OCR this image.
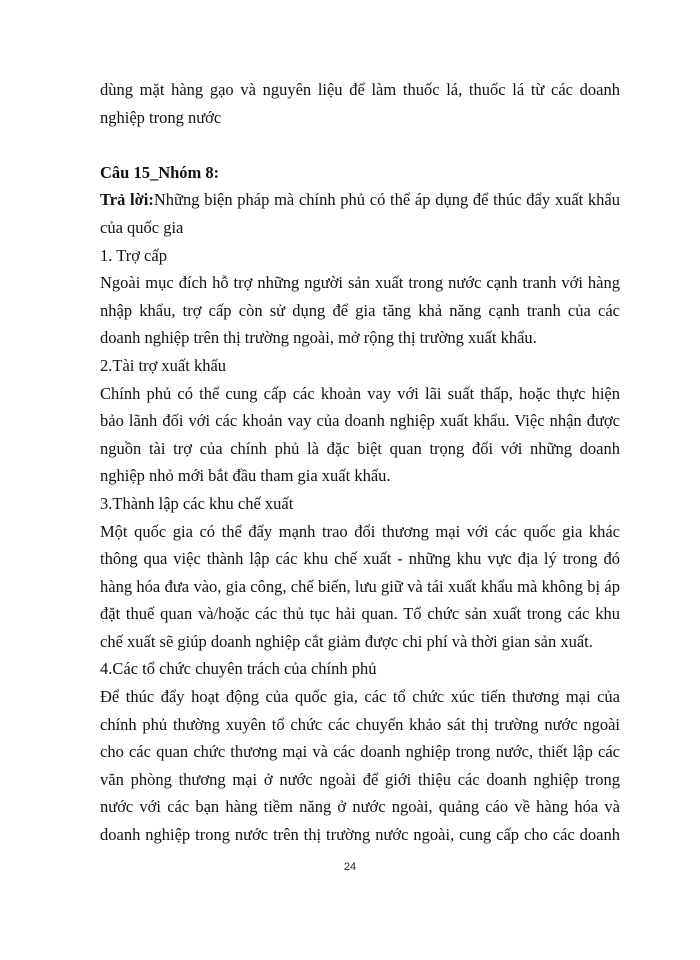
dùng mặt hàng gạo và nguyên liệu để làm thuốc lá, thuốc lá từ các doanh
nghiệp trong nước
Câu 15_Nhóm 8:
Trả lời:Những biện pháp mà chính phủ có thể áp dụng để thúc đẩy xuất khẩu
của quốc gia
1. Trợ cấp
Ngoài mục đích hỗ trợ những người sản xuất trong nước cạnh tranh với hàng
nhập khẩu, trợ cấp còn sử dụng để gia tăng khả năng cạnh tranh của các
doanh nghiệp trên thị trường ngoài, mở rộng thị trường xuất khẩu.
2.Tài trợ xuất khẩu
Chính phủ có thể cung cấp các khoản vay với lãi suất thấp, hoặc thực hiện
bảo lãnh đối với các khoản vay của doanh nghiệp xuất khẩu. Việc nhận được
nguồn tài trợ của chính phủ là đặc biệt quan trọng đối với những doanh
nghiệp nhỏ mới bắt đầu tham gia xuất khẩu.
3.Thành lập các khu chế xuất
Một quốc gia có thể đẩy mạnh trao đổi thương mại với các quốc gia khác
thông qua việc thành lập các khu chế xuất - những khu vực địa lý trong đó
hàng hóa đưa vào, gia công, chế biến, lưu giữ và tái xuất khẩu mà không bị áp
đặt thuế quan và/hoặc các thủ tục hải quan. Tổ chức sản xuất trong các khu
chế xuất sẽ giúp doanh nghiệp cắt giảm được chi phí và thời gian sản xuất.
4.Các tổ chức chuyên trách của chính phủ
Để thúc đẩy hoạt động của quốc gia, các tổ chức xúc tiến thương mại của
chính phủ thường xuyên tổ chức các chuyến khảo sát thị trường nước ngoài
cho các quan chức thương mại và các doanh nghiệp trong nước, thiết lập các
văn phòng thương mại ở nước ngoài để giới thiệu các doanh nghiệp trong
nước với các bạn hàng tiềm năng ở nước ngoài, quảng cáo về hàng hóa và
doanh nghiệp trong nước trên thị trường nước ngoài, cung cấp cho các doanh
24
